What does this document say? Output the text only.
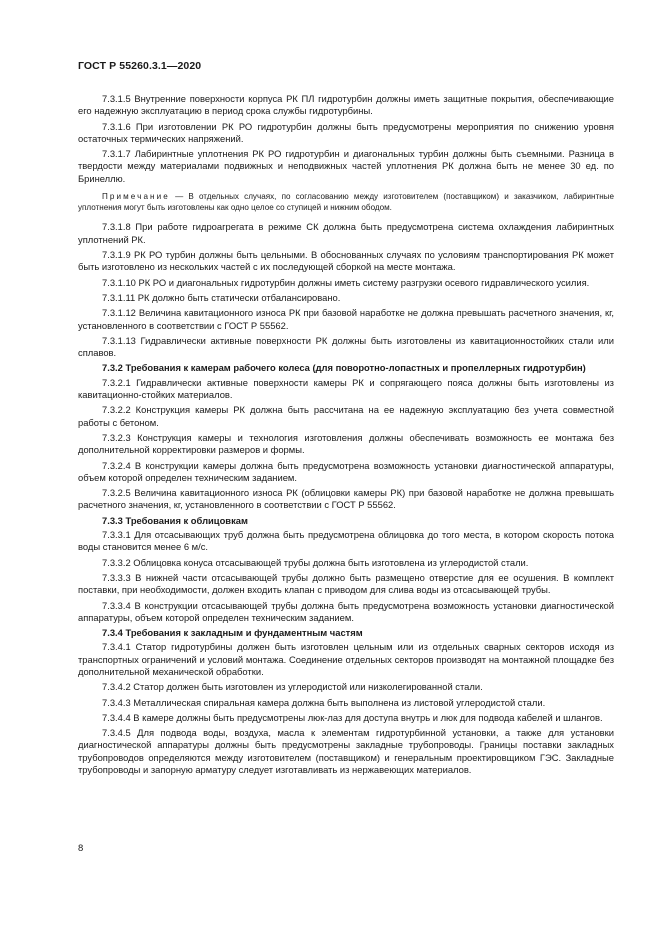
ГОСТ Р 55260.3.1—2020

7.3.1.5 Внутренние поверхности корпуса РК ПЛ гидротурбин должны иметь защитные покрытия, обеспечивающие его надежную эксплуатацию в период срока службы гидротурбины.

7.3.1.6 При изготовлении РК РО гидротурбин должны быть предусмотрены мероприятия по снижению уровня остаточных термических напряжений.

7.3.1.7 Лабиринтные уплотнения РК РО гидротурбин и диагональных турбин должны быть съемными. Разница в твердости между материалами подвижных и неподвижных частей уплотнения РК должна быть не менее 30 ед. по Бринеллю.

Примечание — В отдельных случаях, по согласованию между изготовителем (поставщиком) и заказчиком, лабиринтные уплотнения могут быть изготовлены как одно целое со ступицей и нижним ободом.

7.3.1.8 При работе гидроагрегата в режиме СК должна быть предусмотрена система охлаждения лабиринтных уплотнений РК.

7.3.1.9 РК РО турбин должны быть цельными. В обоснованных случаях по условиям транспортирования РК может быть изготовлено из нескольких частей с их последующей сборкой на месте монтажа.

7.3.1.10 РК РО и диагональных гидротурбин должны иметь систему разгрузки осевого гидравлического усилия.

7.3.1.11 РК должно быть статически отбалансировано.

7.3.1.12 Величина кавитационного износа РК при базовой наработке не должна превышать расчетного значения, кг, установленного в соответствии с ГОСТ Р 55562.

7.3.1.13 Гидравлически активные поверхности РК должны быть изготовлены из кавитационностойких стали или сплавов.

7.3.2 Требования к камерам рабочего колеса (для поворотно-лопастных и пропеллерных гидротурбин)

7.3.2.1 Гидравлически активные поверхности камеры РК и сопрягающего пояса должны быть изготовлены из кавитационно-стойких материалов.

7.3.2.2 Конструкция камеры РК должна быть рассчитана на ее надежную эксплуатацию без учета совместной работы с бетоном.

7.3.2.3 Конструкция камеры и технология изготовления должны обеспечивать возможность ее монтажа без дополнительной корректировки размеров и формы.

7.3.2.4 В конструкции камеры должна быть предусмотрена возможность установки диагностической аппаратуры, объем которой определен техническим заданием.

7.3.2.5 Величина кавитационного износа РК (облицовки камеры РК) при базовой наработке не должна превышать расчетного значения, кг, установленного в соответствии с ГОСТ Р 55562.

7.3.3 Требования к облицовкам

7.3.3.1 Для отсасывающих труб должна быть предусмотрена облицовка до того места, в котором скорость потока воды становится менее 6 м/с.

7.3.3.2 Облицовка конуса отсасывающей трубы должна быть изготовлена из углеродистой стали.

7.3.3.3 В нижней части отсасывающей трубы должно быть размещено отверстие для ее осушения. В комплект поставки, при необходимости, должен входить клапан с приводом для слива воды из отсасывающей трубы.

7.3.3.4 В конструкции отсасывающей трубы должна быть предусмотрена возможность установки диагностической аппаратуры, объем которой определен техническим заданием.

7.3.4 Требования к закладным и фундаментным частям

7.3.4.1 Статор гидротурбины должен быть изготовлен цельным или из отдельных сварных секторов исходя из транспортных ограничений и условий монтажа. Соединение отдельных секторов производят на монтажной площадке без дополнительной механической обработки.

7.3.4.2 Статор должен быть изготовлен из углеродистой или низколегированной стали.

7.3.4.3 Металлическая спиральная камера должна быть выполнена из листовой углеродистой стали.

7.3.4.4 В камере должны быть предусмотрены люк-лаз для доступа внутрь и люк для подвода кабелей и шлангов.

7.3.4.5 Для подвода воды, воздуха, масла к элементам гидротурбинной установки, а также для установки диагностической аппаратуры должны быть предусмотрены закладные трубопроводы. Границы поставки закладных трубопроводов определяются между изготовителем (поставщиком) и генеральным проектировщиком ГЭС. Закладные трубопроводы и запорную арматуру следует изготавливать из нержавеющих материалов.

8
